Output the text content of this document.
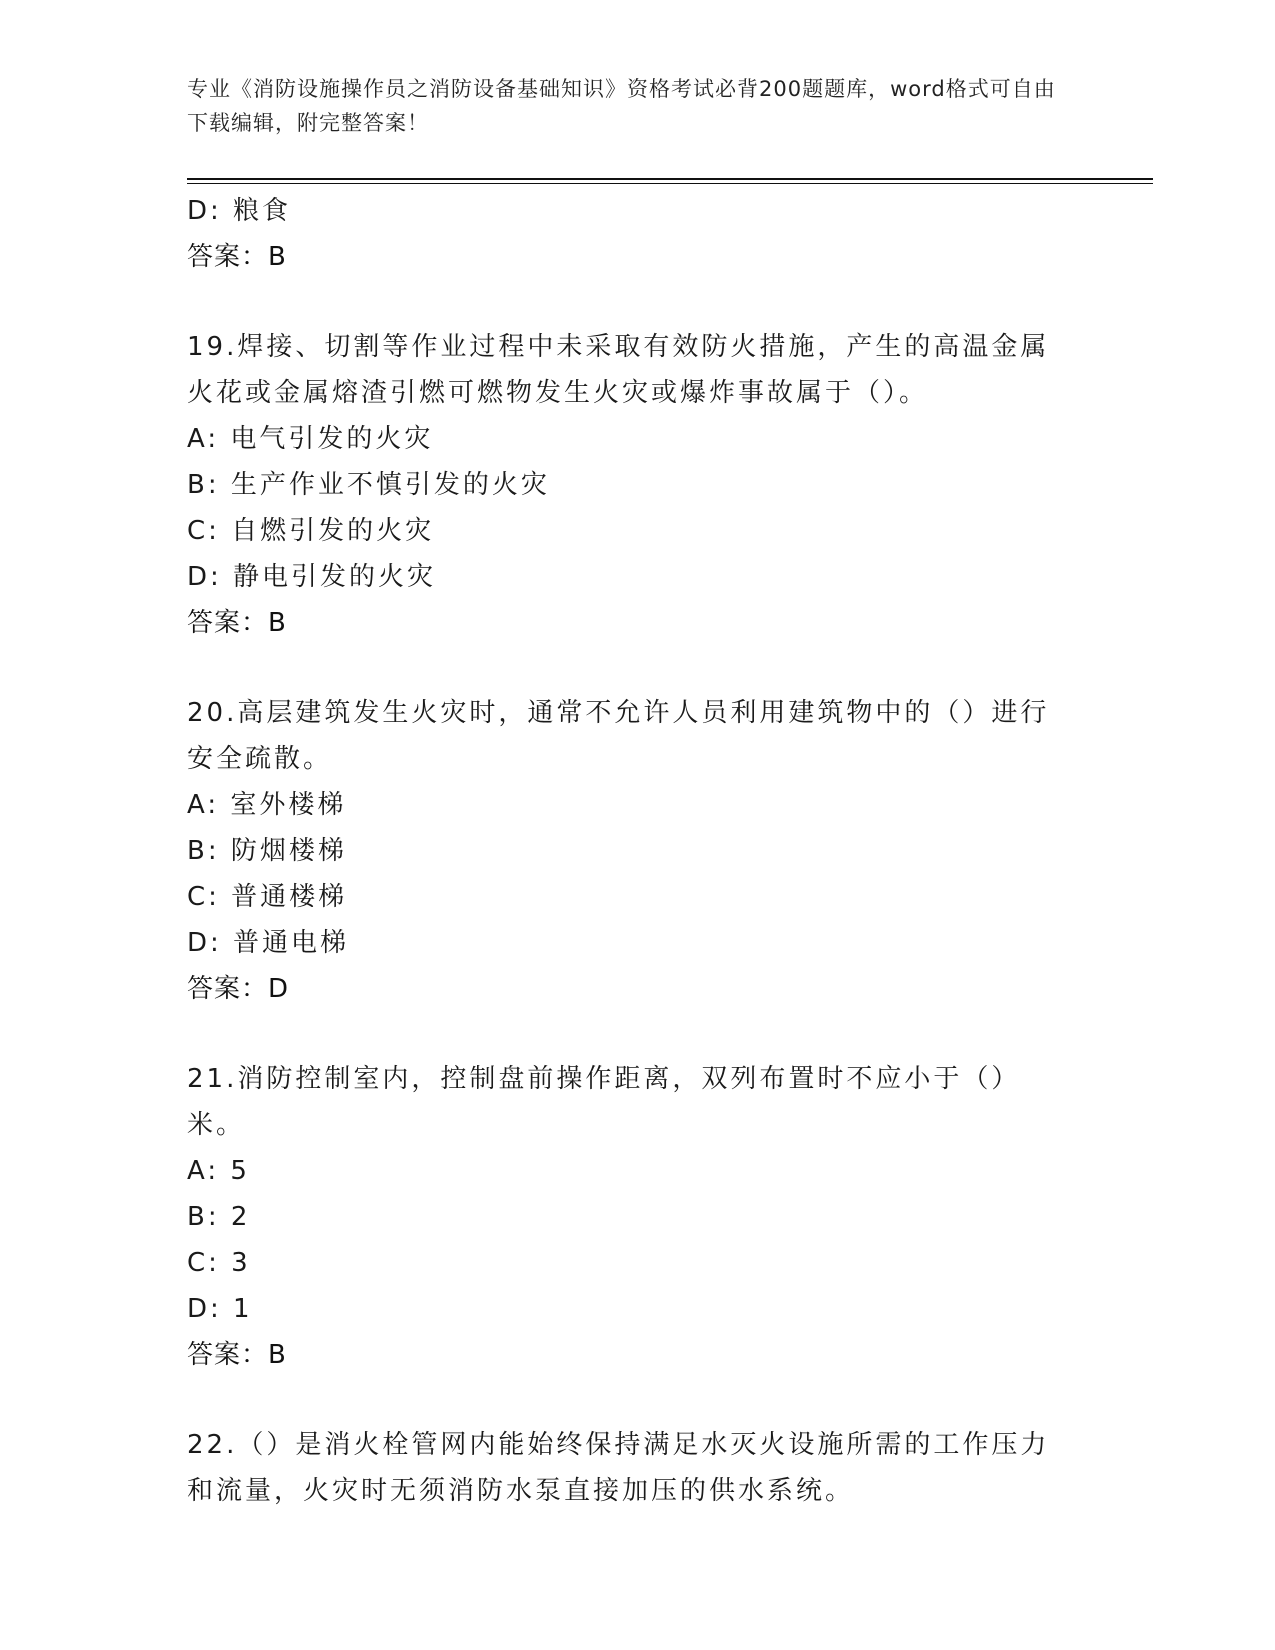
专业《消防设施操作员之消防设备基础知识》资格考试必背200题题库，word格式可自由下载编辑，附完整答案！
D: 粮食
答案：B
19.焊接、切割等作业过程中未采取有效防火措施，产生的高温金属火花或金属熔渣引燃可燃物发生火灾或爆炸事故属于（）。
A: 电气引发的火灾
B: 生产作业不慎引发的火灾
C: 自燃引发的火灾
D: 静电引发的火灾
答案：B
20.高层建筑发生火灾时，通常不允许人员利用建筑物中的（）进行安全疏散。
A: 室外楼梯
B: 防烟楼梯
C: 普通楼梯
D: 普通电梯
答案：D
21.消防控制室内，控制盘前操作距离，双列布置时不应小于（）米。
A: 5
B: 2
C: 3
D: 1
答案：B
22.（）是消火栓管网内能始终保持满足水灭火设施所需的工作压力和流量，火灾时无须消防水泵直接加压的供水系统。
